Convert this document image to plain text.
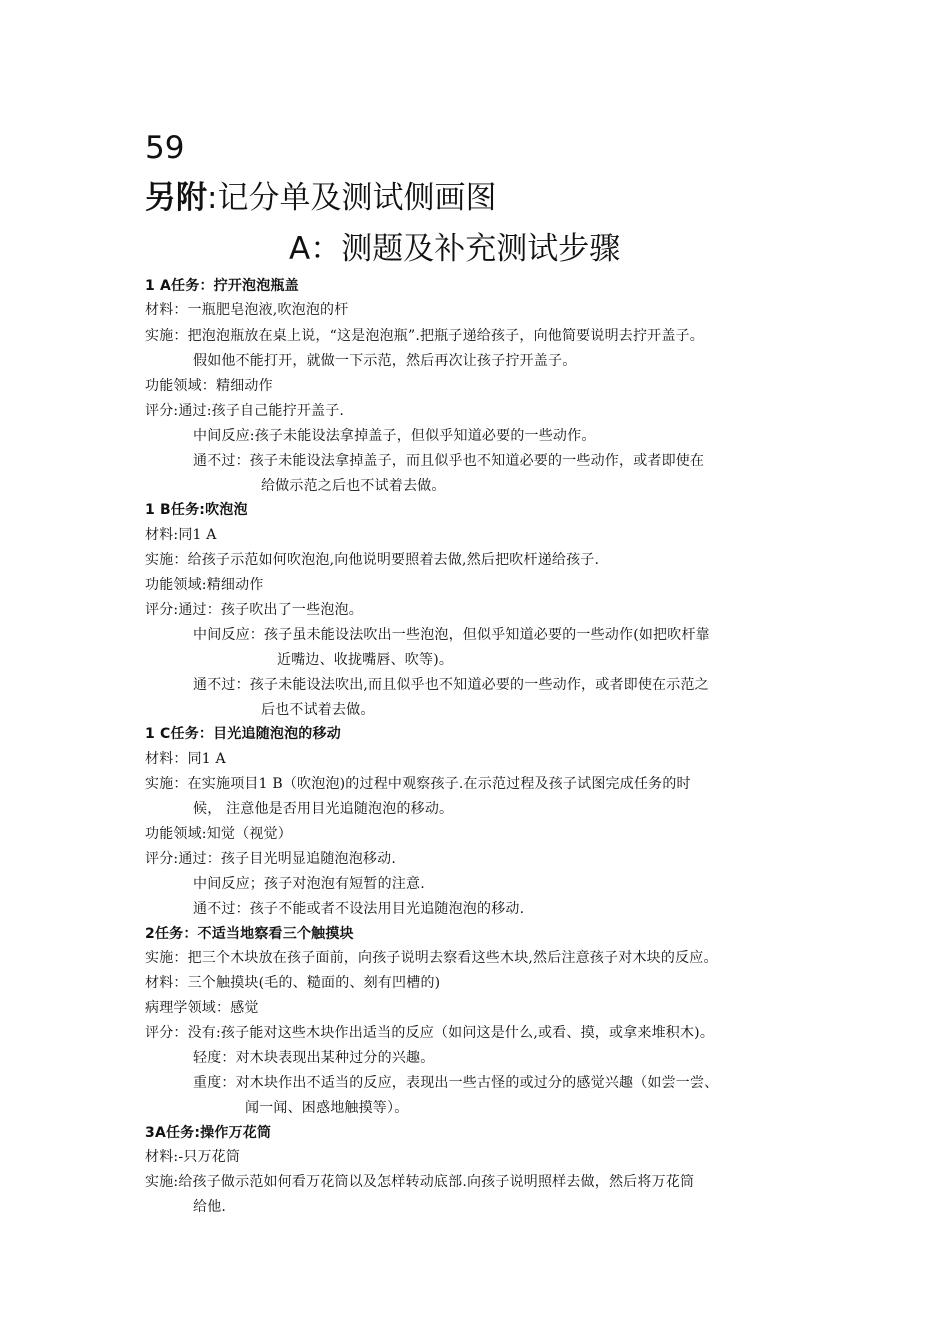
59
另附:记分单及测试侧画图
A：测题及补充测试步骤
1 A任务：拧开泡泡瓶盖
材料：一瓶肥皂泡液,吹泡泡的杆
实施：把泡泡瓶放在桌上说，“这是泡泡瓶”.把瓶子递给孩子，向他简要说明去拧开盖子。
假如他不能打开，就做一下示范，然后再次让孩子拧开盖子。
功能领域：精细动作
评分:通过:孩子自己能拧开盖子.
中间反应:孩子未能设法拿掉盖子，但似乎知道必要的一些动作。
通不过：孩子未能设法拿掉盖子，而且似乎也不知道必要的一些动作，或者即使在
给做示范之后也不试着去做。
1 B任务:吹泡泡
材料:同1 A
实施：给孩子示范如何吹泡泡,向他说明要照着去做,然后把吹杆递给孩子.
功能领域:精细动作
评分:通过：孩子吹出了一些泡泡。
中间反应：孩子虽未能设法吹出一些泡泡，但似乎知道必要的一些动作(如把吹杆靠
近嘴边、收拢嘴唇、吹等)。
通不过：孩子未能设法吹出,而且似乎也不知道必要的一些动作，或者即使在示范之
后也不试着去做。
1 C任务：目光追随泡泡的移动
材料：同1 A
实施：在实施项目1 B（吹泡泡)的过程中观察孩子.在示范过程及孩子试图完成任务的时
候， 注意他是否用目光追随泡泡的移动。
功能领域:知觉（视觉）
评分:通过：孩子目光明显追随泡泡移动.
中间反应；孩子对泡泡有短暂的注意.
通不过：孩子不能或者不设法用目光追随泡泡的移动.
2任务：不适当地察看三个触摸块
实施：把三个木块放在孩子面前，向孩子说明去察看这些木块,然后注意孩子对木块的反应。
材料：三个触摸块(毛的、糙面的、刻有凹槽的)
病理学领域：感觉
评分：没有:孩子能对这些木块作出适当的反应（如问这是什么,或看、摸，或拿来堆积木)。
轻度：对木块表现出某种过分的兴趣。
重度：对木块作出不适当的反应，表现出一些古怪的或过分的感觉兴趣（如尝一尝、
闻一闻、困惑地触摸等）。
3A任务:操作万花筒
材料:-只万花筒
实施:给孩子做示范如何看万花筒以及怎样转动底部.向孩子说明照样去做，然后将万花筒
给他.
